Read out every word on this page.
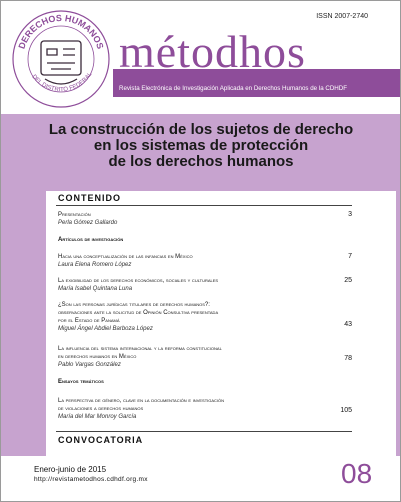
ISSN 2007-2740
DERECHOS HUMANOS
DEL DISTRITO FEDERAL métodhos
Revista Electrónica de Investigación Aplicada en Derechos Humanos de la CDHDF
La construcción de los sujetos de derecho
en los sistemas de protección
de los derechos humanos
CONTENIDO
Presentación
Perla Gómez Gallardo
3
Artículos de investigación
Hacia una conceptualización de las infancias en México
Laura Elena Romero López
7
La exigibilidad de los derechos económicos, sociales y culturales
María Isabel Quintana Luna
25
¿Son las personas jurídicas titulares de derechos humanos?:
observaciones ante la solicitud de Opinión Consultiva presentada
por el Estado de Panamá
Miguel Ángel Abdiel Barboza López
43
La influencia del sistema internacional y la reforma constitucional
en derechos humanos en México
Pablo Vargas González
78
Ensayos temáticos
La perspectiva de género, clave en la documentación e investigación
de violaciones a derechos humanos
María del Mar Monroy García
105
CONVOCATORIA
Enero-junio de 2015
http://revistametodhos.cdhdf.org.mx	08
